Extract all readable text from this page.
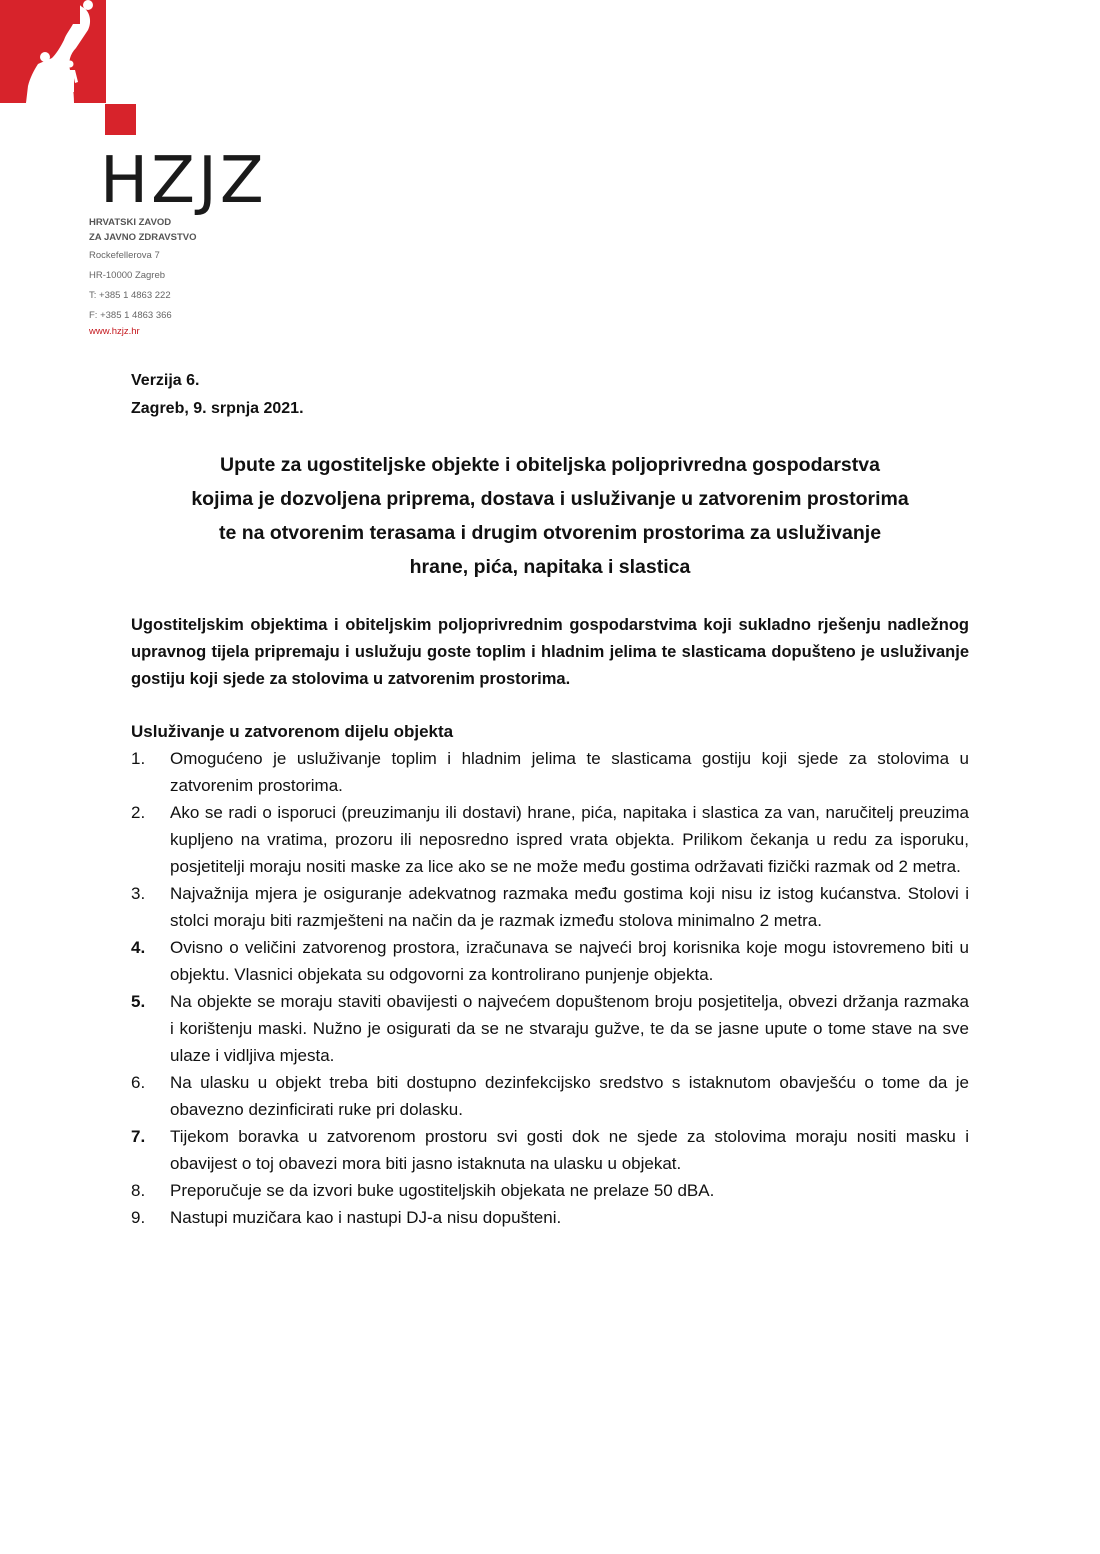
HZJZ
HRVATSKI ZAVOD
ZA JAVNO ZDRAVSTVO
Rockefellerova 7
HR-10000 Zagreb
T: +385 1 4863 222
F: +385 1 4863 366
www.hzjz.hr
Verzija 6.
Zagreb, 9. srpnja 2021.
Upute za ugostiteljske objekte i obiteljska poljoprivredna gospodarstva
kojima je dozvoljena priprema, dostava i usluživanje u zatvorenim prostorima
te na otvorenim terasama i drugim otvorenim prostorima za usluživanje
hrane, pića, napitaka i slastica

Ugostiteljskim objektima i obiteljskim poljoprivrednim gospodarstvima koji sukladno rješenju nadležnog upravnog tijela pripremaju i uslužuju goste toplim i hladnim jelima te slasticama dopušteno je usluživanje gostiju koji sjede za stolovima u zatvorenim prostorima.

Usluživanje u zatvorenom dijelu objekta
1.	Omogućeno je usluživanje toplim i hladnim jelima te slasticama gostiju koji sjede za stolovima u zatvorenim prostorima.
2.	Ako se radi o isporuci (preuzimanju ili dostavi) hrane, pića, napitaka i slastica za van, naručitelj preuzima kupljeno na vratima, prozoru ili neposredno ispred vrata objekta. Prilikom čekanja u redu za isporuku, posjetitelji moraju nositi maske za lice ako se ne može među gostima održavati fizički razmak od 2 metra.
3.	Najvažnija mjera je osiguranje adekvatnog razmaka među gostima koji nisu iz istog kućanstva. Stolovi i stolci moraju biti razmješteni na način da je razmak između stolova minimalno 2 metra.
4.	Ovisno o veličini zatvorenog prostora, izračunava se najveći broj korisnika koje mogu istovremeno biti u objektu. Vlasnici objekata su odgovorni za kontrolirano punjenje objekta.
5.	Na objekte se moraju staviti obavijesti o najvećem dopuštenom broju posjetitelja, obvezi držanja razmaka i korištenju maski. Nužno je osigurati da se ne stvaraju gužve, te da se jasne upute o tome stave na sve ulaze i vidljiva mjesta.
6.	Na ulasku u objekt treba biti dostupno dezinfekcijsko sredstvo s istaknutom obavješću o tome da je obavezno dezinficirati ruke pri dolasku.
7.	Tijekom boravka u zatvorenom prostoru svi gosti dok ne sjede za stolovima moraju nositi masku i obavijest o toj obavezi mora biti jasno istaknuta na ulasku u objekat.
8.	Preporučuje se da izvori buke ugostiteljskih objekata ne prelaze 50 dBA.
9.	Nastupi muzičara kao i nastupi DJ-a nisu dopušteni.
